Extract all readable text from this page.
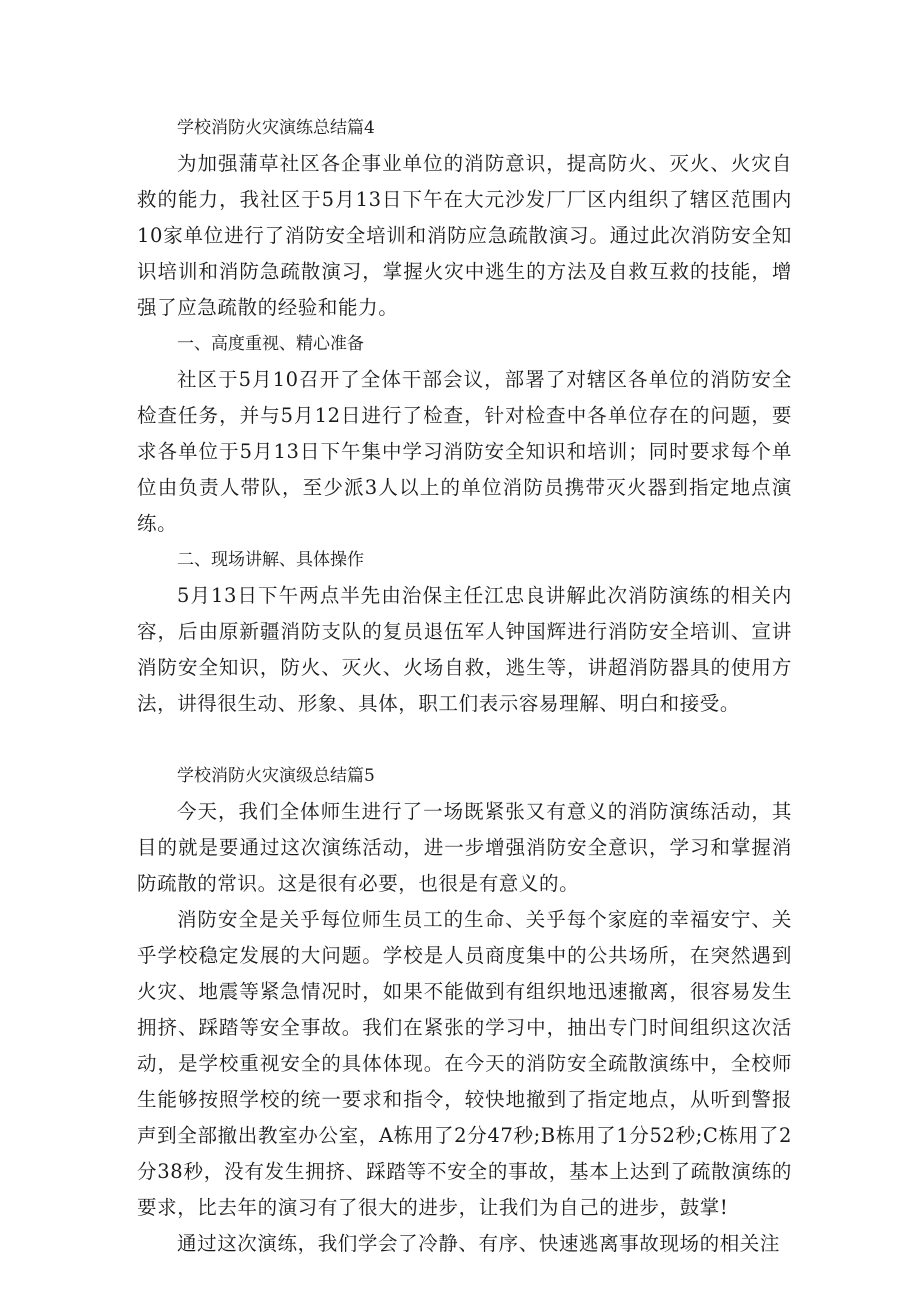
学校消防火灾演练总结篇4

为加强蒲草社区各企事业单位的消防意识，提高防火、灭火、火灾自救的能力，我社区于5月13日下午在大元沙发厂厂区内组织了辖区范围内10家单位进行了消防安全培训和消防应急疏散演习。通过此次消防安全知识培训和消防急疏散演习，掌握火灾中逃生的方法及自救互救的技能，增强了应急疏散的经验和能力。

一、高度重视、精心准备

社区于5月10召开了全体干部会议，部署了对辖区各单位的消防安全检查任务，并与5月12日进行了检查，针对检查中各单位存在的问题，要求各单位于5月13日下午集中学习消防安全知识和培训；同时要求每个单位由负责人带队，至少派3人以上的单位消防员携带灭火器到指定地点演练。

二、现场讲解、具体操作

5月13日下午两点半先由治保主任江忠良讲解此次消防演练的相关内容，后由原新疆消防支队的复员退伍军人钟国辉进行消防安全培训、宣讲消防安全知识，防火、灭火、火场自救，逃生等，讲超消防器具的使用方法，讲得很生动、形象、具体，职工们表示容易理解、明白和接受。

学校消防火灾演级总结篇5

今天，我们全体师生进行了一场既紧张又有意义的消防演练活动，其目的就是要通过这次演练活动，进一步增强消防安全意识，学习和掌握消防疏散的常识。这是很有必要，也很是有意义的。

消防安全是关乎每位师生员工的生命、关乎每个家庭的幸福安宁、关乎学校稳定发展的大问题。学校是人员商度集中的公共场所，在突然遇到火灾、地震等紧急情况时，如果不能做到有组织地迅速撤离，很容易发生拥挤、踩踏等安全事故。我们在紧张的学习中，抽出专门时间组织这次活动，是学校重视安全的具体体现。在今天的消防安全疏散演练中，全校师生能够按照学校的统一要求和指令，较快地撤到了指定地点，从听到警报声到全部撤出教室办公室，A栋用了2分47秒;B栋用了1分52秒;C栋用了2分38秒，没有发生拥挤、踩踏等不安全的事故，基本上达到了疏散演练的要求，比去年的演习有了很大的进步，让我们为自己的进步，鼓掌!

通过这次演练，我们学会了冷静、有序、快速逃离事故现场的相关注
